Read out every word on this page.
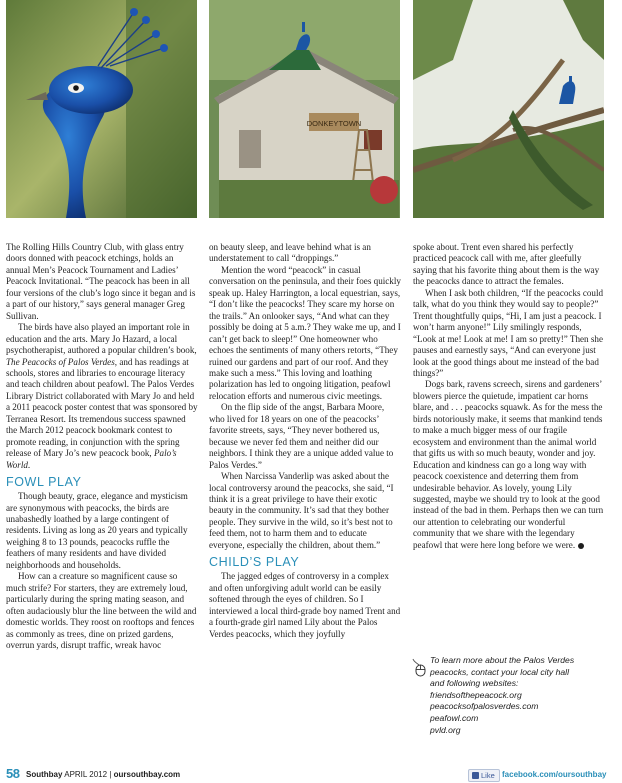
DONKEYTOWN

The Rolling Hills Country Club, with glass entry doors donned with peacock etchings, holds an annual Men’s Peacock Tournament and Ladies’ Peacock Invitational. “The peacock has been in all four versions of the club’s logo since it began and is a part of our history,” says general manager Greg Sullivan.

The birds have also played an important role in education and the arts. Mary Jo Hazard, a local psychotherapist, authored a popular children’s book, The Peacocks of Palos Verdes, and has readings at schools, stores and libraries to encourage literacy and teach children about peafowl. The Palos Verdes Library District collaborated with Mary Jo and held a 2011 peacock poster contest that was sponsored by Terranea Resort. Its tremendous success spawned the March 2012 peacock bookmark contest to promote reading, in conjunction with the spring release of Mary Jo’s new peacock book, Palo’s World.

FOWL PLAY

Though beauty, grace, elegance and mysticism are synonymous with peacocks, the birds are unabashedly loathed by a large contingent of residents. Living as long as 20 years and typically weighing 8 to 13 pounds, peacocks ruffle the feathers of many residents and have divided neighborhoods and households.

How can a creature so magnificent cause so much strife? For starters, they are extremely loud, particularly during the spring mating season, and often audaciously blur the line between the wild and domestic worlds. They roost on rooftops and fences as commonly as trees, dine on prized gardens, overrun yards, disrupt traffic, wreak havoc

on beauty sleep, and leave behind what is an understatement to call “droppings.”

Mention the word “peacock” in casual conversation on the peninsula, and their foes quickly speak up. Haley Harrington, a local equestrian, says, “I don’t like the peacocks! They scare my horse on the trails.” An onlooker says, “And what can they possibly be doing at 5 a.m.? They wake me up, and I can’t get back to sleep!” One homeowner who echoes the sentiments of many others retorts, “They ruined our gardens and part of our roof. And they make such a mess.” This loving and loathing polarization has led to ongoing litigation, peafowl relocation efforts and numerous civic meetings.

On the flip side of the angst, Barbara Moore, who lived for 18 years on one of the peacocks’ favorite streets, says, “They never bothered us, because we never fed them and neither did our neighbors. I think they are a unique added value to Palos Verdes.”

When Narcissa Vanderlip was asked about the local controversy around the peacocks, she said, “I think it is a great privilege to have their exotic beauty in the community. It’s sad that they bother people. They survive in the wild, so it’s best not to feed them, not to harm them and to educate everyone, especially the children, about them.”

CHILD’S PLAY

The jagged edges of controversy in a complex and often unforgiving adult world can be easily softened through the eyes of children. So I interviewed a local third-grade boy named Trent and a fourth-grade girl named Lily about the Palos Verdes peacocks, which they joyfully

spoke about. Trent even shared his perfectly practiced peacock call with me, after gleefully saying that his favorite thing about them is the way the peacocks dance to attract the females.

When I ask both children, “If the peacocks could talk, what do you think they would say to people?” Trent thoughtfully quips, “Hi, I am just a peacock. I won’t harm anyone!” Lily smilingly responds, “Look at me! Look at me! I am so pretty!” Then she pauses and earnestly says, “And can everyone just look at the good things about me instead of the bad things?”

Dogs bark, ravens screech, sirens and gardeners’ blowers pierce the quietude, impatient car horns blare, and . . . peacocks squawk. As for the mess the birds notoriously make, it seems that mankind tends to make a much bigger mess of our fragile ecosystem and environment than the animal world that gifts us with so much beauty, wonder and joy. Education and kindness can go a long way with peacock coexistence and deterring them from undesirable behavior. As lovely, young Lily suggested, maybe we should try to look at the good instead of the bad in them. Perhaps then we can turn our attention to celebrating our wonderful community that we share with the legendary peafowl that were here long before we were.

To learn more about the Palos Verdes
peacocks, contact your local city hall
and following websites:
friendsofthepeacock.org
peacocksofpalosverdes.com
peafowl.com
pvld.org
58 Southbay APRIL 2012 | oursouthbay.com	Like facebook.com/oursouthbay
